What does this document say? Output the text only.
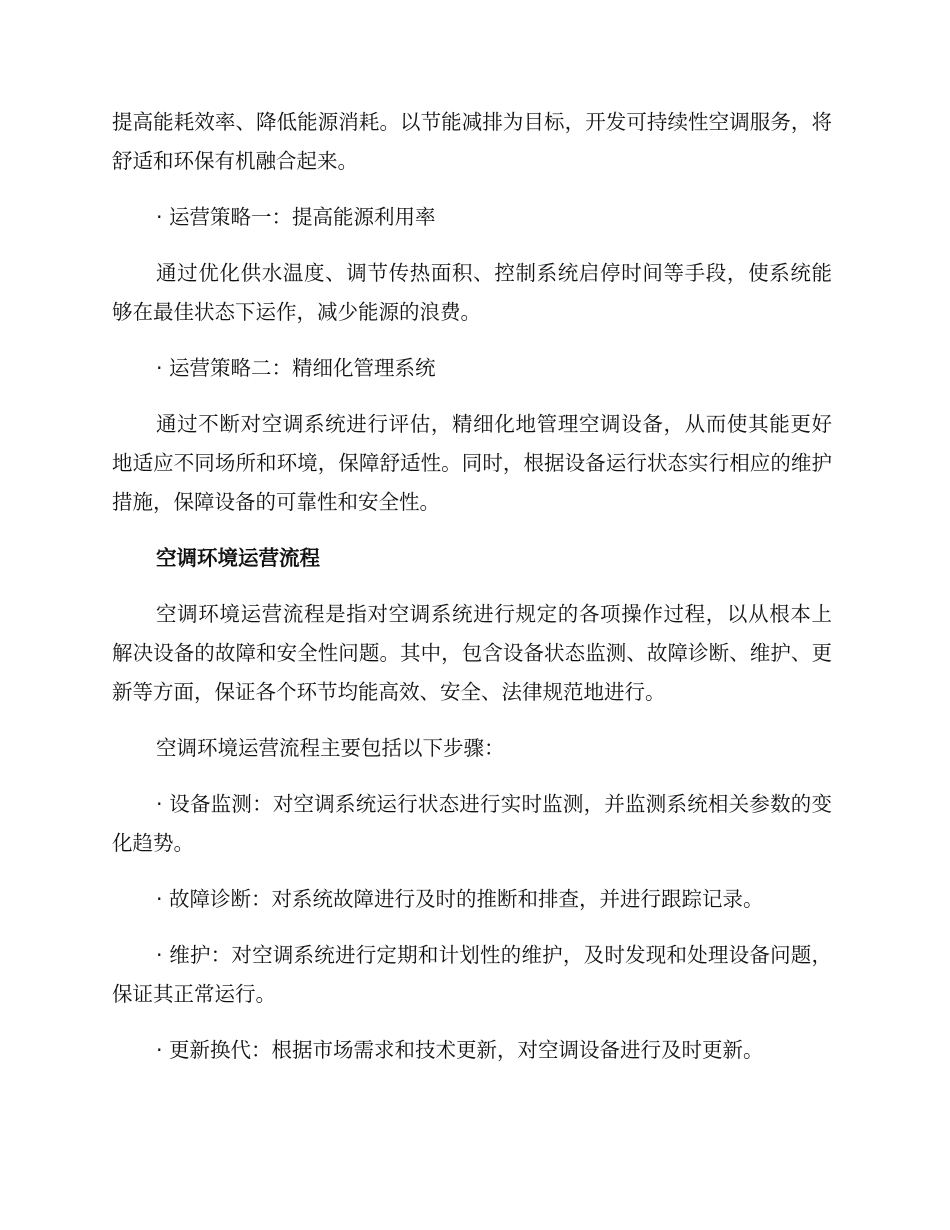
提高能耗效率、降低能源消耗。以节能减排为目标，开发可持续性空调服务，将舒适和环保有机融合起来。

· 运营策略一：提高能源利用率

通过优化供水温度、调节传热面积、控制系统启停时间等手段，使系统能够在最佳状态下运作，减少能源的浪费。

· 运营策略二：精细化管理系统

通过不断对空调系统进行评估，精细化地管理空调设备，从而使其能更好地适应不同场所和环境，保障舒适性。同时，根据设备运行状态实行相应的维护措施，保障设备的可靠性和安全性。

空调环境运营流程

空调环境运营流程是指对空调系统进行规定的各项操作过程，以从根本上解决设备的故障和安全性问题。其中，包含设备状态监测、故障诊断、维护、更新等方面，保证各个环节均能高效、安全、法律规范地进行。

空调环境运营流程主要包括以下步骤：

· 设备监测：对空调系统运行状态进行实时监测，并监测系统相关参数的变化趋势。

· 故障诊断：对系统故障进行及时的推断和排查，并进行跟踪记录。

· 维护：对空调系统进行定期和计划性的维护，及时发现和处理设备问题，保证其正常运行。

· 更新换代：根据市场需求和技术更新，对空调设备进行及时更新。
